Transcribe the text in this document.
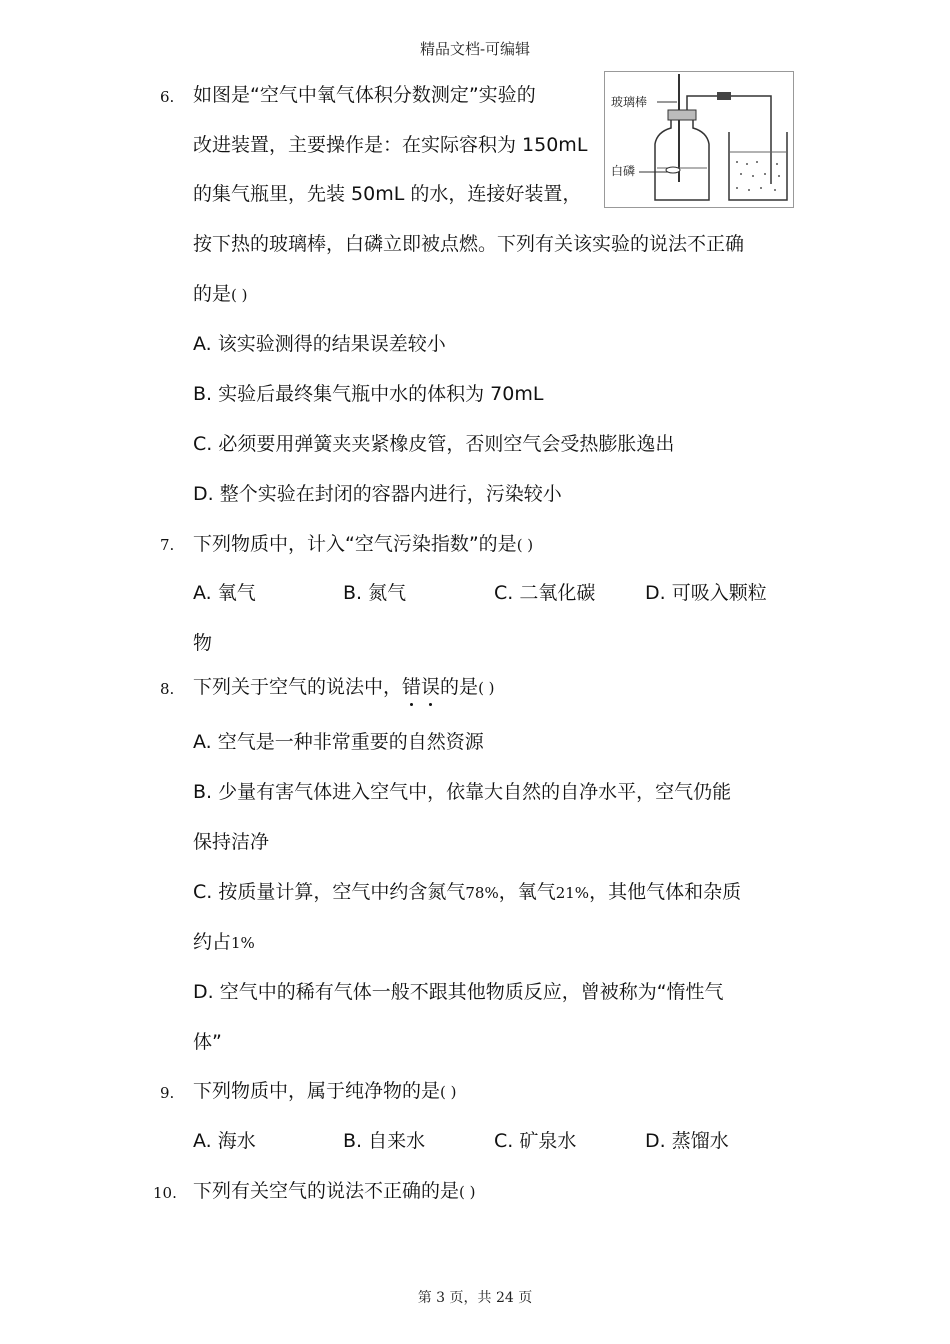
精品文档-可编辑
6. 如图是“空气中氧气体积分数测定”实验的
改进装置，主要操作是：在实际容积为 150mL
的集气瓶里，先装 50mL 的水，连接好装置，
按下热的玻璃棒，白磷立即被点燃。下列有关该实验的说法不正确
的是( )
玻璃棒
白磷
A. 该实验测得的结果误差较小
B. 实验后最终集气瓶中水的体积为 70mL
C. 必须要用弹簧夹夹紧橡皮管，否则空气会受热膨胀逸出
D. 整个实验在封闭的容器内进行，污染较小
7. 下列物质中，计入“空气污染指数”的是( )
A. 氧气	B. 氮气	C. 二氧化碳	D. 可吸入颗粒
物
8. 下列关于空气的说法中，错误的是( )
A. 空气是一种非常重要的自然资源
B. 少量有害气体进入空气中，依靠大自然的自净水平，空气仍能
保持洁净
C. 按质量计算，空气中约含氮气78%，氧气21%，其他气体和杂质
约占1%
D. 空气中的稀有气体一般不跟其他物质反应，曾被称为“惰性气
体”
9. 下列物质中，属于纯净物的是( )
A. 海水	B. 自来水	C. 矿泉水	D. 蒸馏水
10. 下列有关空气的说法不正确的是( )
第 3 页，共 24 页
